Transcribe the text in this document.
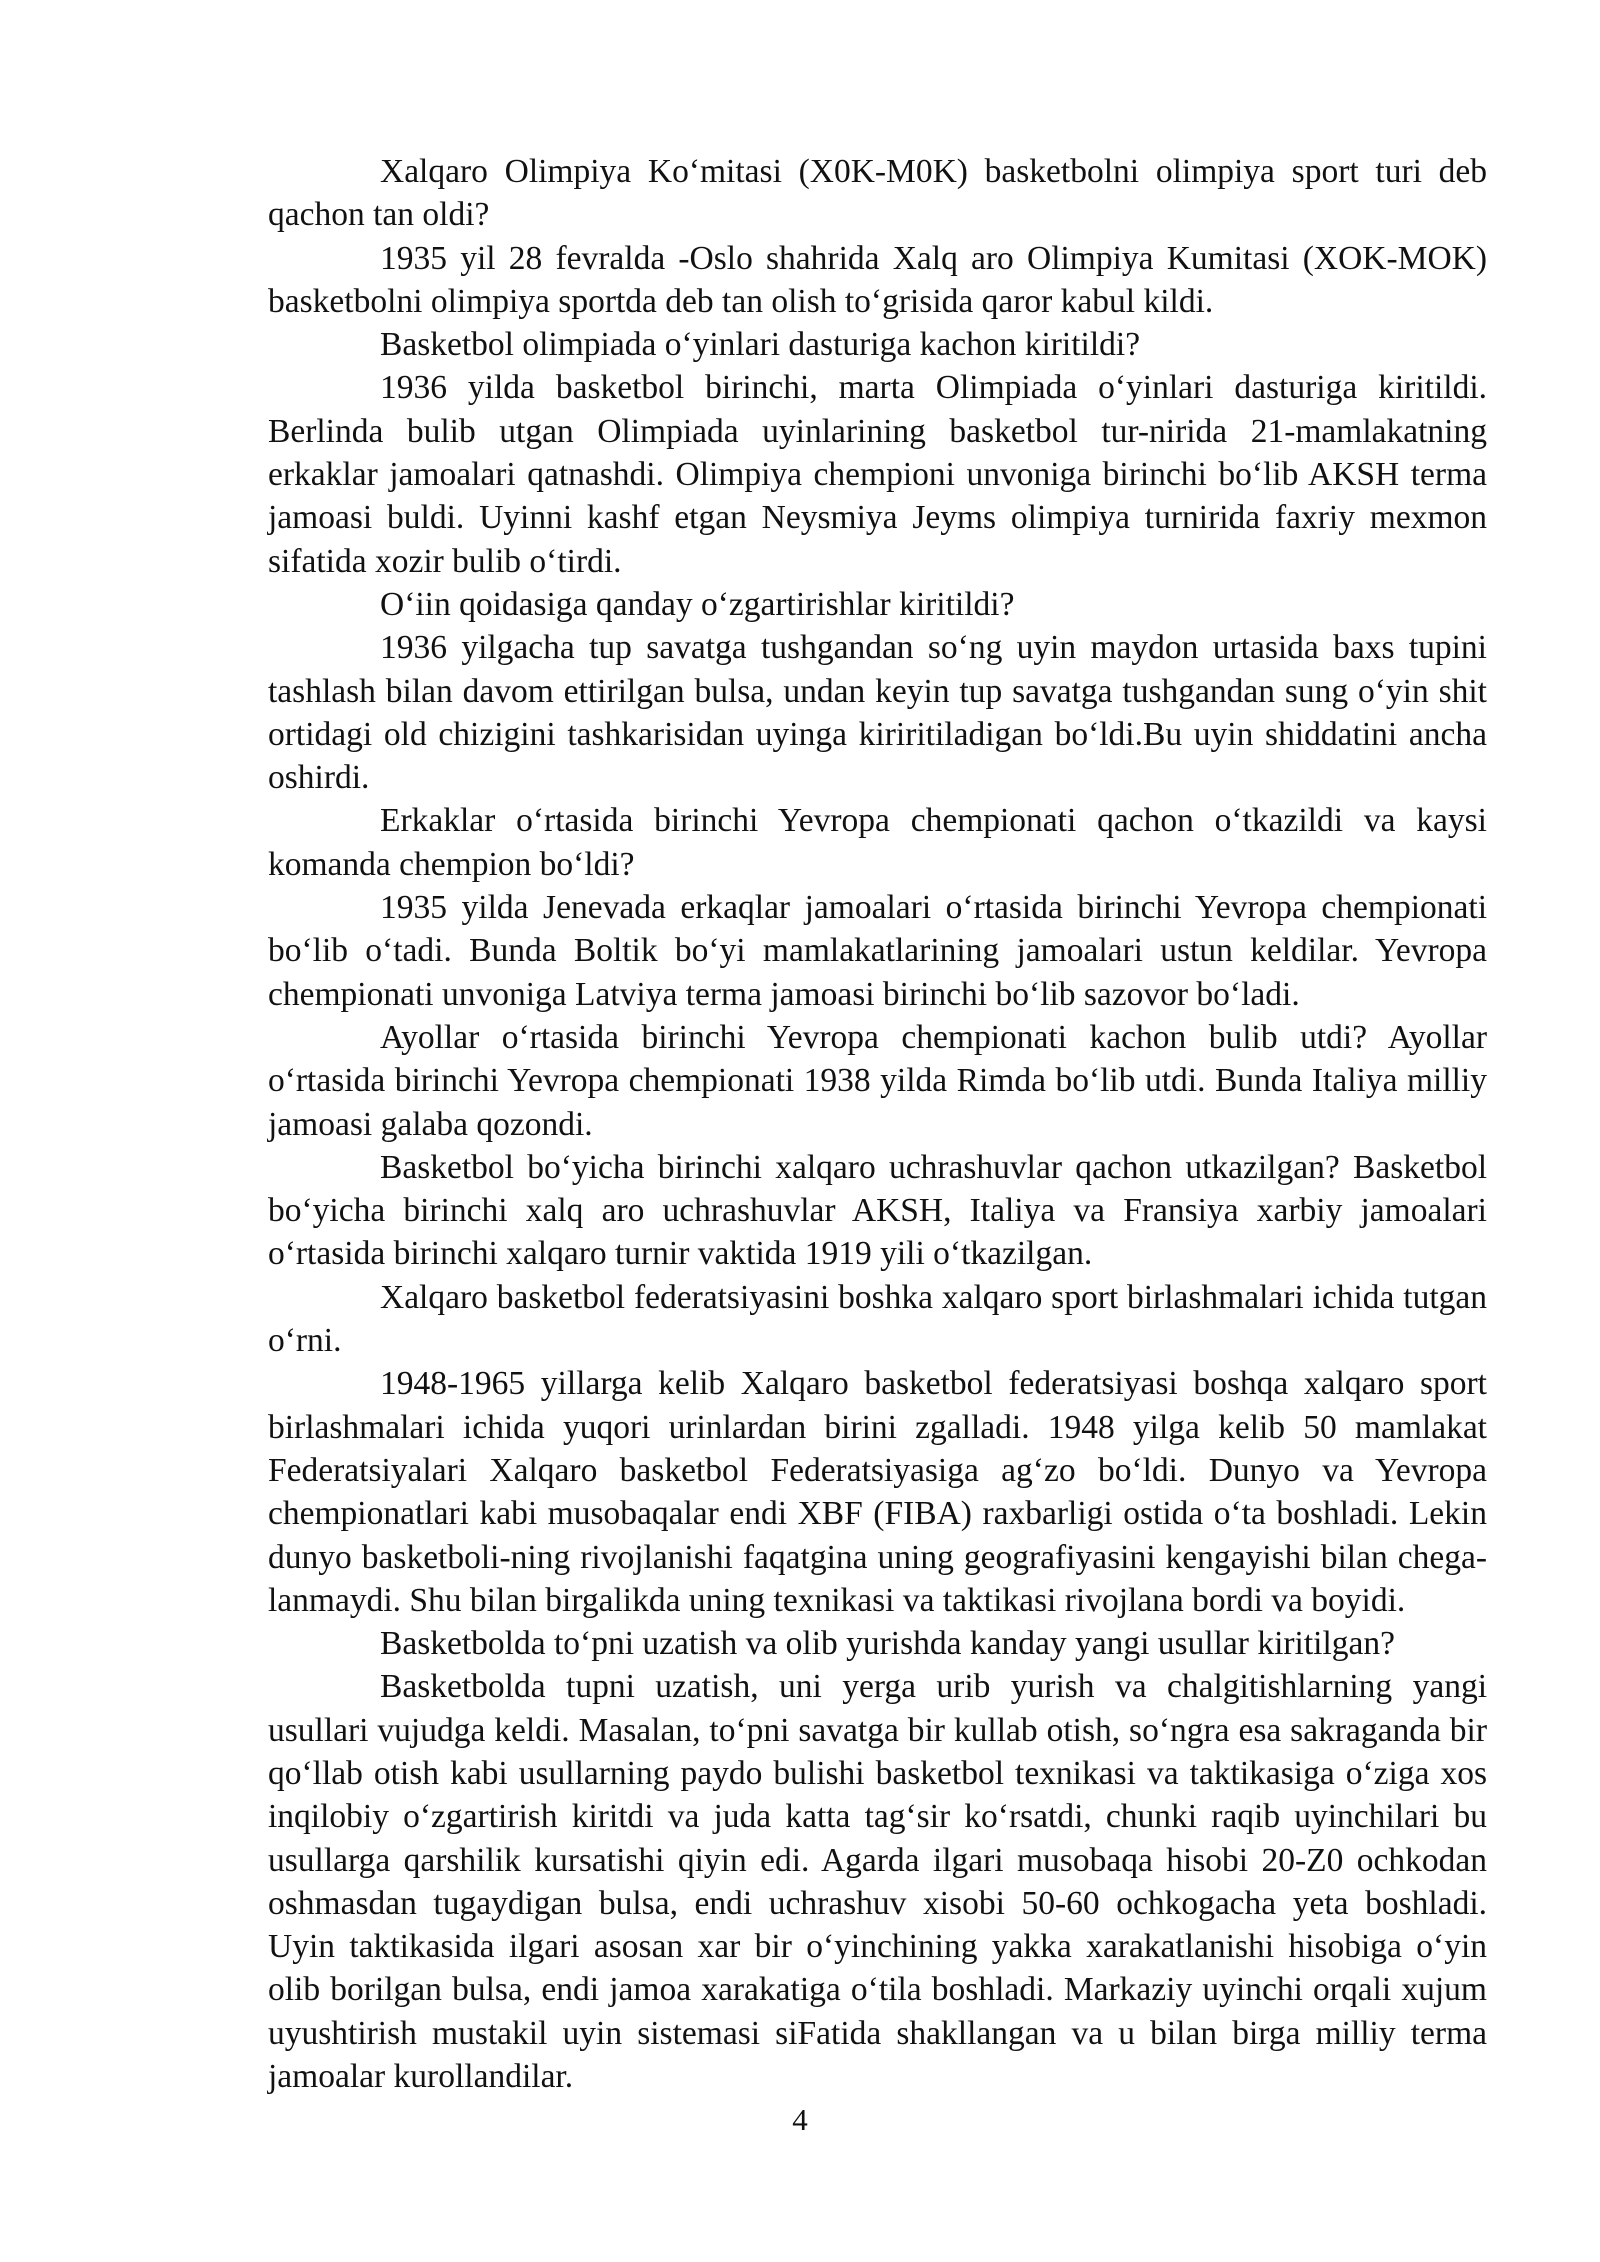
Xalqaro Olimpiya Ko‘mitasi (X0K-M0K) basketbolni olimpiya sport turi deb qachon tan oldi?

1935 yil 28 fevralda -Oslo shahrida Xalq aro Olimpiya Kumitasi (XOK-MOK) basketbolni olimpiya sportda deb tan olish to‘grisida qaror kabul kildi.

Basketbol olimpiada o‘yinlari dasturiga kachon kiritildi?

1936 yilda basketbol birinchi, marta Olimpiada o‘yinlari dasturiga kiritildi. Berlinda bulib utgan Olimpiada uyinlarining basketbol tur-nirida 21-mamlakatning erkaklar jamoalari qatnashdi. Olimpiya chempioni unvoniga birinchi bo‘lib AKSH terma jamoasi buldi. Uyinni kashf etgan Neysmiya Jeyms olimpiya turnirida faxriy mexmon sifatida xozir bulib o‘tirdi.

O‘iin qoidasiga qanday o‘zgartirishlar kiritildi?

1936 yilgacha tup savatga tushgandan so‘ng uyin maydon urtasida baxs tupini tashlash bilan davom ettirilgan bulsa, undan keyin tup savatga tushgandan sung o‘yin shit ortidagi old chizigini tashkarisidan uyinga kiriritiladigan bo‘ldi.Bu uyin shiddatini ancha oshirdi.

Erkaklar o‘rtasida birinchi Yevropa chempionati qachon o‘tkazildi va kaysi komanda chempion bo‘ldi?

1935 yilda Jenevada erkaqlar jamoalari o‘rtasida birinchi Yevropa chempionati bo‘lib o‘tadi. Bunda Boltik bo‘yi mamlakatlarining jamoalari ustun keldilar. Yevropa chempionati unvoniga Latviya terma jamoasi birinchi bo‘lib sazovor bo‘ladi.

Ayollar o‘rtasida birinchi Yevropa chempionati kachon bulib utdi? Ayollar o‘rtasida birinchi Yevropa chempionati 1938 yilda Rimda bo‘lib utdi. Bunda Italiya milliy jamoasi galaba qozondi.

Basketbol bo‘yicha birinchi xalqaro uchrashuvlar qachon utkazilgan? Basketbol bo‘yicha birinchi xalq aro uchrashuvlar AKSH, Italiya va Fransiya xarbiy jamoalari o‘rtasida birinchi xalqaro turnir vaktida 1919 yili o‘tkazilgan.

Xalqaro basketbol federatsiyasini boshka xalqaro sport birlashmalari ichida tutgan o‘rni.

1948-1965 yillarga kelib Xalqaro basketbol federatsiyasi boshqa xalqaro sport birlashmalari ichida yuqori urinlardan birini zgalladi. 1948 yilga kelib 50 mamlakat Federatsiyalari Xalqaro basketbol Federatsiyasiga ag‘zo bo‘ldi. Dunyo va Yevropa chempionatlari kabi musobaqalar endi XBF (FIBA) raxbarligi ostida o‘ta boshladi. Lekin dunyo basketboli-ning rivojlanishi faqatgina uning geografiyasini kengayishi bilan chega-lanmaydi. Shu bilan birgalikda uning texnikasi va taktikasi rivojlana bordi va boyidi.

Basketbolda to‘pni uzatish va olib yurishda kanday yangi usullar kiritilgan?

Basketbolda tupni uzatish, uni yerga urib yurish va chalgitishlarning yangi usullari vujudga keldi. Masalan, to‘pni savatga bir kullab otish, so‘ngra esa sakraganda bir qo‘llab otish kabi usullarning paydo bulishi basketbol texnikasi va taktikasiga o‘ziga xos inqilobiy o‘zgartirish kiritdi va juda katta tag‘sir ko‘rsatdi, chunki raqib uyinchilari bu usullarga qarshilik kursatishi qiyin edi. Agarda ilgari musobaqa hisobi 20-Z0 ochkodan oshmasdan tugaydigan bulsa, endi uchrashuv xisobi 50-60 ochkogacha yeta boshladi. Uyin taktikasida ilgari asosan xar bir o‘yinchining yakka xarakatlanishi hisobiga o‘yin olib borilgan bulsa, endi jamoa xarakatiga o‘tila boshladi. Markaziy uyinchi orqali xujum uyushtirish mustakil uyin sistemasi siFatida shakllangan va u bilan birga milliy terma jamoalar kurollandilar.

4
